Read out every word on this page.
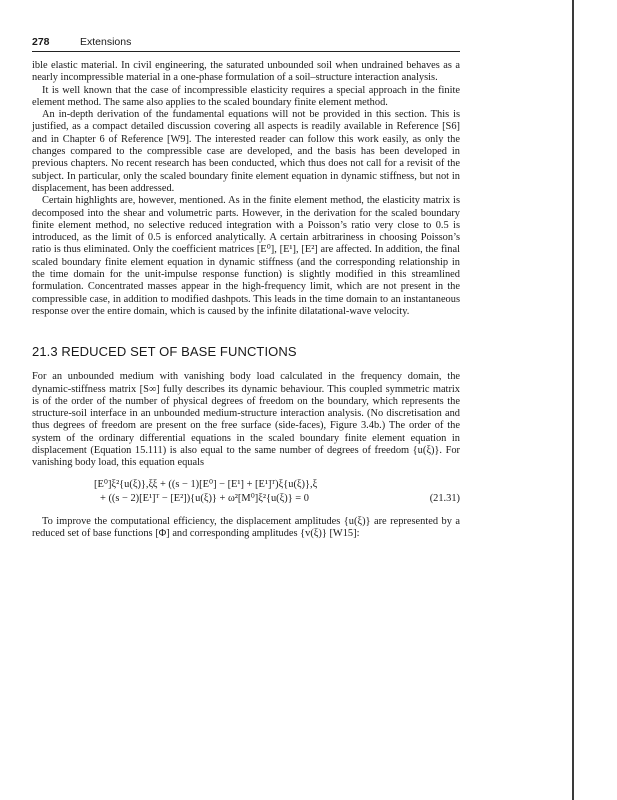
278	Extensions

ible elastic material. In civil engineering, the saturated unbounded soil when undrained behaves as a nearly incompressible material in a one-phase formulation of a soil–structure interaction analysis.

It is well known that the case of incompressible elasticity requires a special approach in the finite element method. The same also applies to the scaled boundary finite element method.

An in-depth derivation of the fundamental equations will not be provided in this section. This is justified, as a compact detailed discussion covering all aspects is readily available in Reference [S6] and in Chapter 6 of Reference [W9]. The interested reader can follow this work easily, as only the changes compared to the compressible case are developed, and the basis has been developed in previous chapters. No recent research has been conducted, which thus does not call for a revisit of the subject. In particular, only the scaled boundary finite element equation in dynamic stiffness, but not in displacement, has been addressed.

Certain highlights are, however, mentioned. As in the finite element method, the elasticity matrix is decomposed into the shear and volumetric parts. However, in the derivation for the scaled boundary finite element method, no selective reduced integration with a Poisson’s ratio very close to 0.5 is introduced, as the limit of 0.5 is enforced analytically. A certain arbitrariness in choosing Poisson’s ratio is thus eliminated. Only the coefficient matrices [E⁰], [E¹], [E²] are affected. In addition, the final scaled boundary finite element equation in dynamic stiffness (and the corresponding relationship in the time domain for the unit-impulse response function) is slightly modified in this streamlined formulation. Concentrated masses appear in the high-frequency limit, which are not present in the compressible case, in addition to modified dashpots. This leads in the time domain to an instantaneous response over the entire domain, which is caused by the infinite dilatational-wave velocity.

21.3 REDUCED SET OF BASE FUNCTIONS

For an unbounded medium with vanishing body load calculated in the frequency domain, the dynamic-stiffness matrix [S∞] fully describes its dynamic behaviour. This coupled symmetric matrix is of the order of the number of physical degrees of freedom on the boundary, which represents the structure-soil interface in an unbounded medium-structure interaction analysis. (No discretisation and thus degrees of freedom are present on the free surface (side-faces), Figure 3.4b.) The order of the system of the ordinary differential equations in the scaled boundary finite element equation in displacement (Equation 15.111) is also equal to the same number of degrees of freedom {u(ξ)}. For vanishing body load, this equation equals

[E⁰]ξ²{u(ξ)},ξξ + ((s − 1)[E⁰] − [E¹] + [E¹]ᵀ)ξ{u(ξ)},ξ
+ ((s − 2)[E¹]ᵀ − [E²]){u(ξ)} + ω²[M⁰]ξ²{u(ξ)} = 0	(21.31)

To improve the computational efficiency, the displacement amplitudes {u(ξ)} are represented by a reduced set of base functions [Φ] and corresponding amplitudes {v(ξ)} [W15]:
